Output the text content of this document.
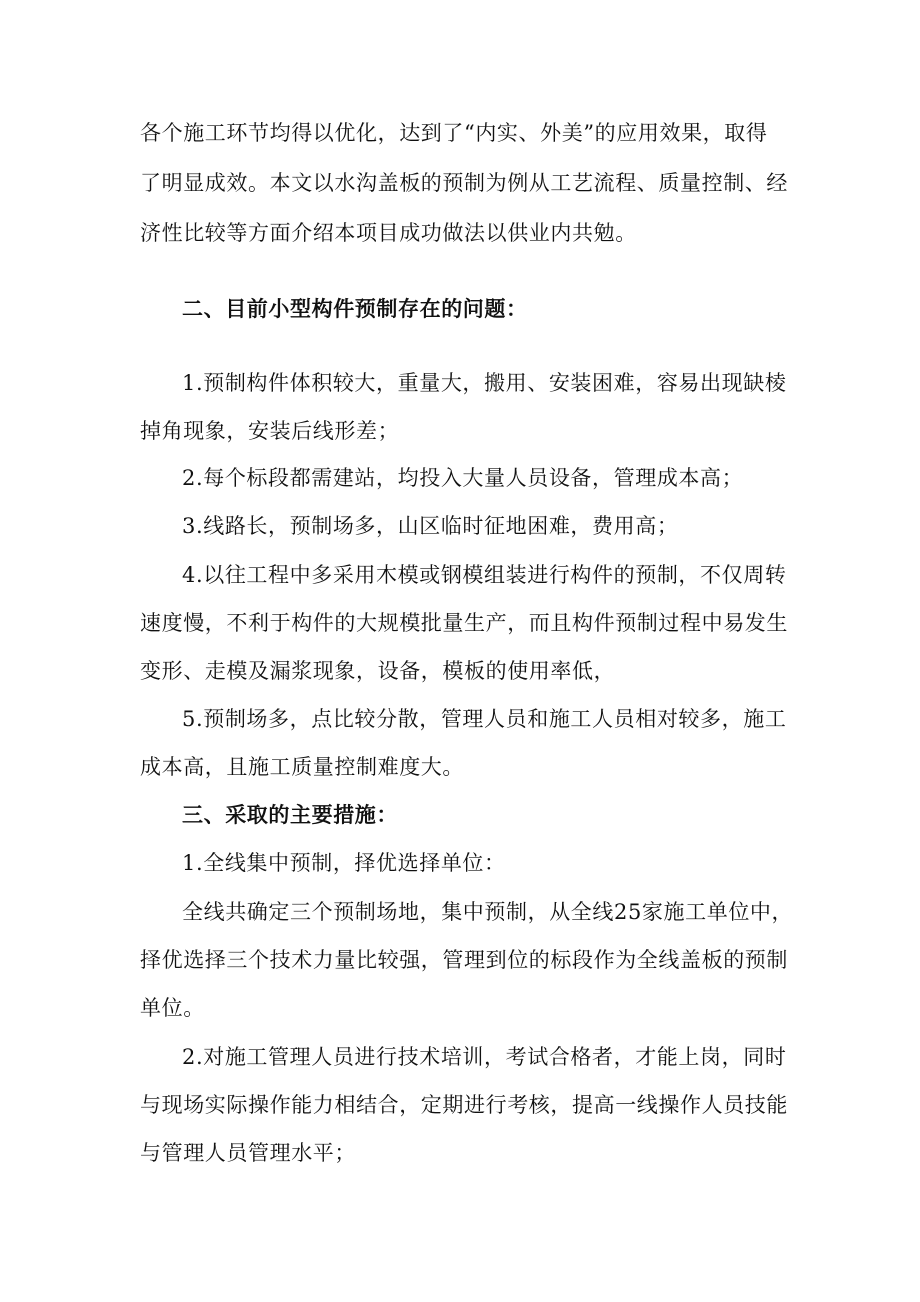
各个施工环节均得以优化，达到了“内实、外美”的应用效果，取得
了明显成效。本文以水沟盖板的预制为例从工艺流程、质量控制、经
济性比较等方面介绍本项目成功做法以供业内共勉。
二、目前小型构件预制存在的问题：
1.预制构件体积较大，重量大，搬用、安装困难，容易出现缺棱
掉角现象，安装后线形差；
2.每个标段都需建站，均投入大量人员设备，管理成本高；
3.线路长，预制场多，山区临时征地困难，费用高；
4.以往工程中多采用木模或钢模组装进行构件的预制，不仅周转
速度慢，不利于构件的大规模批量生产，而且构件预制过程中易发生
变形、走模及漏浆现象，设备，模板的使用率低，
5.预制场多，点比较分散，管理人员和施工人员相对较多，施工
成本高，且施工质量控制难度大。
三、采取的主要措施：
1.全线集中预制，择优选择单位：
全线共确定三个预制场地，集中预制，从全线25家施工单位中，
择优选择三个技术力量比较强，管理到位的标段作为全线盖板的预制
单位。
2.对施工管理人员进行技术培训，考试合格者，才能上岗，同时
与现场实际操作能力相结合，定期进行考核，提高一线操作人员技能
与管理人员管理水平；
